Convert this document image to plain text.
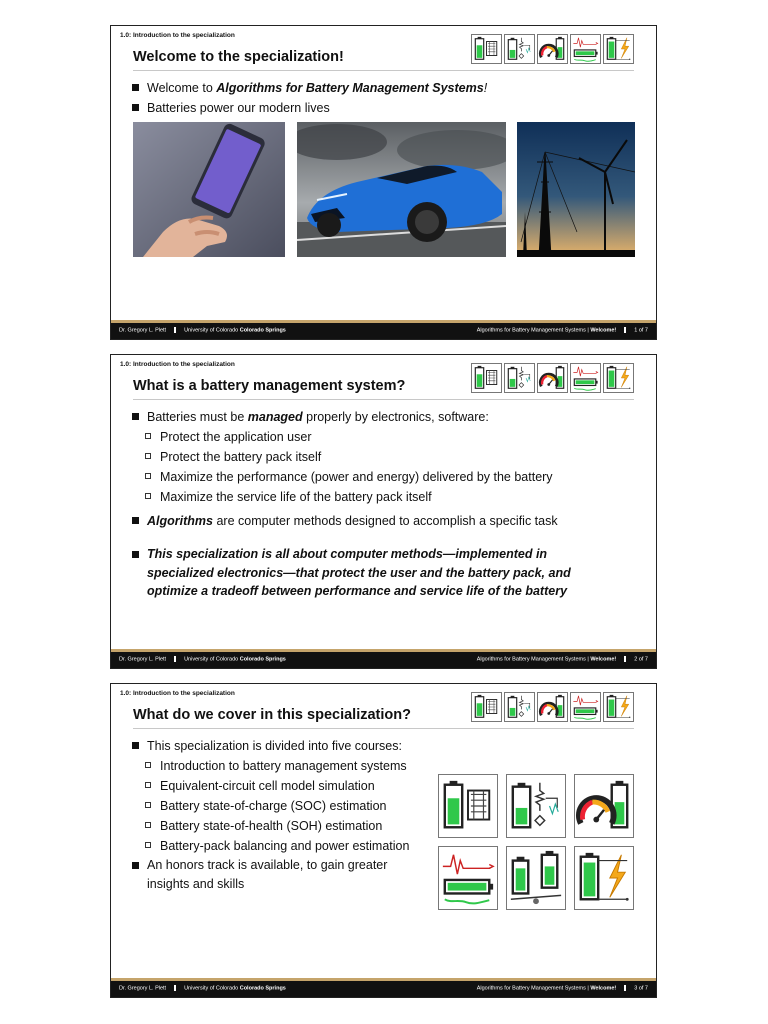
1.0: Introduction to the specialization
Welcome to the specialization!
Welcome to Algorithms for Battery Management Systems!
Batteries power our modern lives
Dr. Gregory L. Plett	University of Colorado Colorado Springs	Algorithms for Battery Management Systems | Welcome!	1 of 7
1.0: Introduction to the specialization
What is a battery management system?
Batteries must be managed properly by electronics, software:
Protect the application user
Protect the battery pack itself
Maximize the performance (power and energy) delivered by the battery
Maximize the service life of the battery pack itself
Algorithms are computer methods designed to accomplish a specific task
This specialization is all about computer methods—implemented in specialized electronics—that protect the user and the battery pack, and optimize a tradeoff between performance and service life of the battery
Dr. Gregory L. Plett	University of Colorado Colorado Springs	Algorithms for Battery Management Systems | Welcome!	2 of 7
1.0: Introduction to the specialization
What do we cover in this specialization?
This specialization is divided into five courses:
Introduction to battery management systems
Equivalent-circuit cell model simulation
Battery state-of-charge (SOC) estimation
Battery state-of-health (SOH) estimation
Battery-pack balancing and power estimation
An honors track is available, to gain greater insights and skills
Dr. Gregory L. Plett	University of Colorado Colorado Springs	Algorithms for Battery Management Systems | Welcome!	3 of 7
